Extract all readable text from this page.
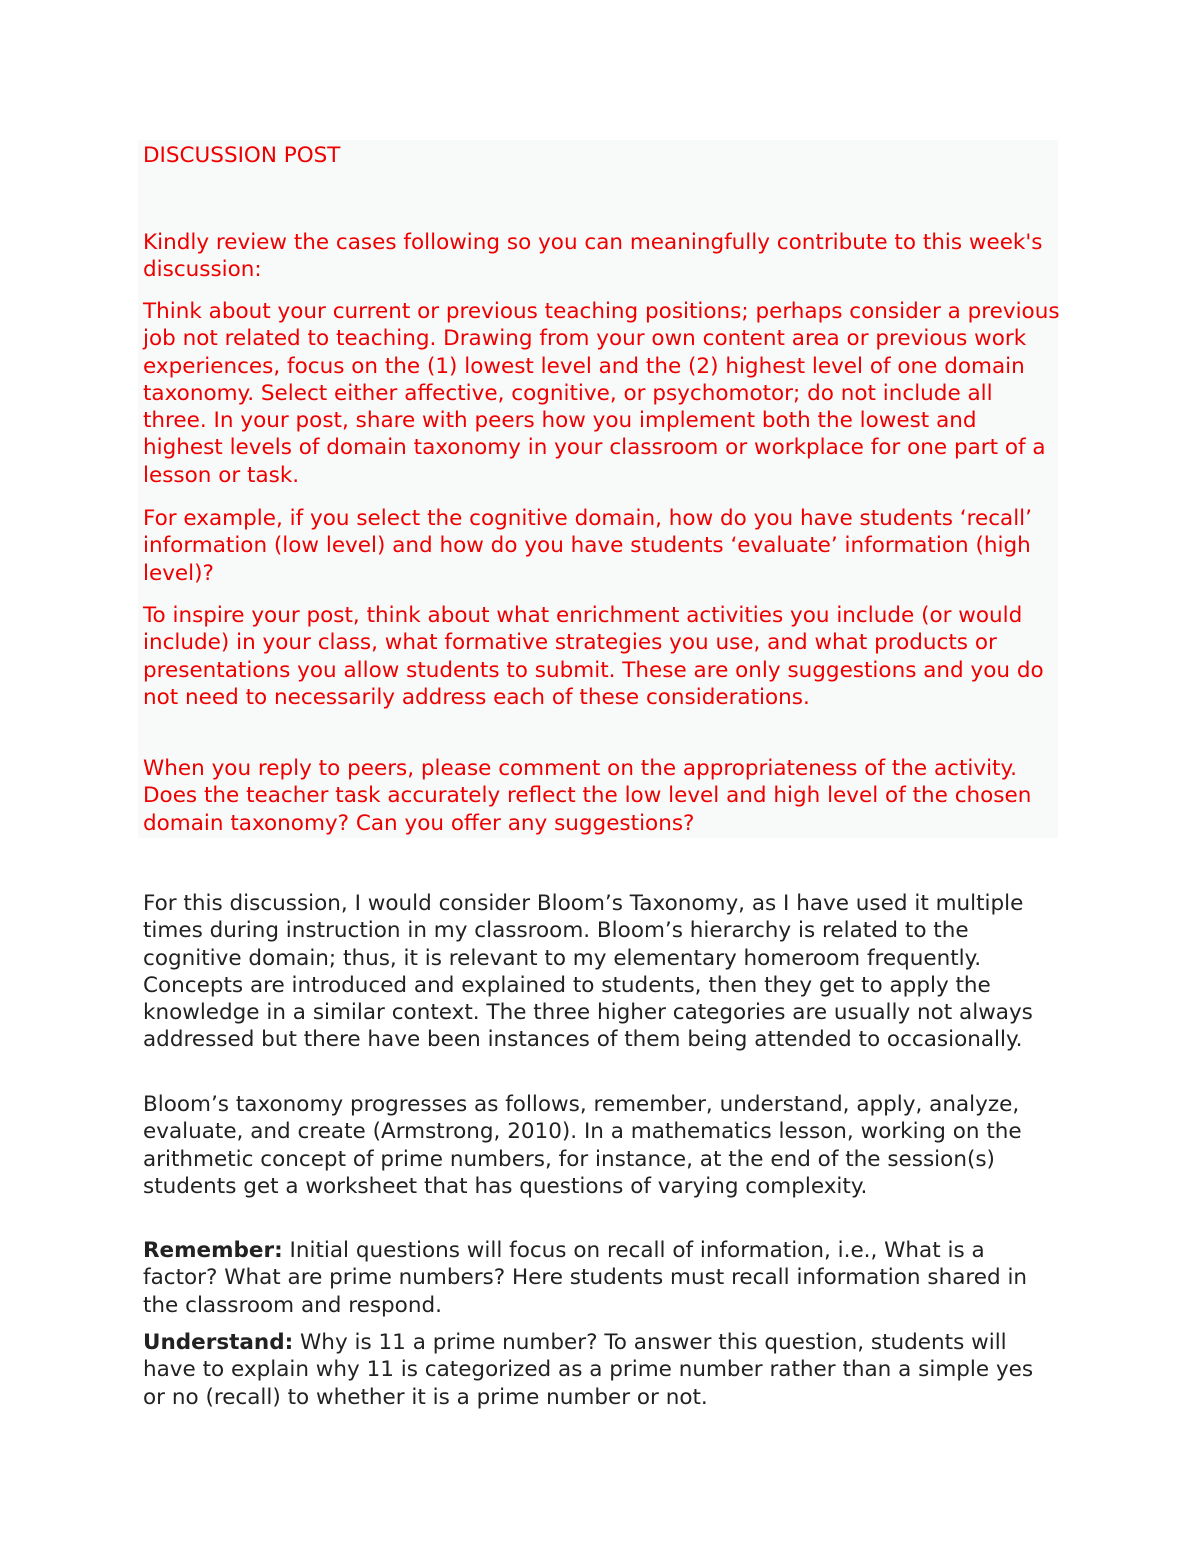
DISCUSSION POST

Kindly review the cases following so you can meaningfully contribute to this week's discussion:

Think about your current or previous teaching positions; perhaps consider a previous job not related to teaching. Drawing from your own content area or previous work experiences, focus on the (1) lowest level and the (2) highest level of one domain taxonomy. Select either affective, cognitive, or psychomotor; do not include all three. In your post, share with peers how you implement both the lowest and highest levels of domain taxonomy in your classroom or workplace for one part of a lesson or task.

For example, if you select the cognitive domain, how do you have students ‘recall’ information (low level) and how do you have students ‘evaluate’ information (high level)?

To inspire your post, think about what enrichment activities you include (or would include) in your class, what formative strategies you use, and what products or presentations you allow students to submit. These are only suggestions and you do not need to necessarily address each of these considerations.

When you reply to peers, please comment on the appropriateness of the activity. Does the teacher task accurately reflect the low level and high level of the chosen domain taxonomy? Can you offer any suggestions?

For this discussion, I would consider Bloom’s Taxonomy, as I have used it multiple times during instruction in my classroom. Bloom’s hierarchy is related to the cognitive domain; thus, it is relevant to my elementary homeroom frequently. Concepts are introduced and explained to students, then they get to apply the knowledge in a similar context. The three higher categories are usually not always addressed but there have been instances of them being attended to occasionally.

Bloom’s taxonomy progresses as follows, remember, understand, apply, analyze, evaluate, and create (Armstrong, 2010). In a mathematics lesson, working on the arithmetic concept of prime numbers, for instance, at the end of the session(s) students get a worksheet that has questions of varying complexity.

Remember: Initial questions will focus on recall of information, i.e., What is a factor? What are prime numbers? Here students must recall information shared in the classroom and respond.

Understand: Why is 11 a prime number? To answer this question, students will have to explain why 11 is categorized as a prime number rather than a simple yes or no (recall) to whether it is a prime number or not.
